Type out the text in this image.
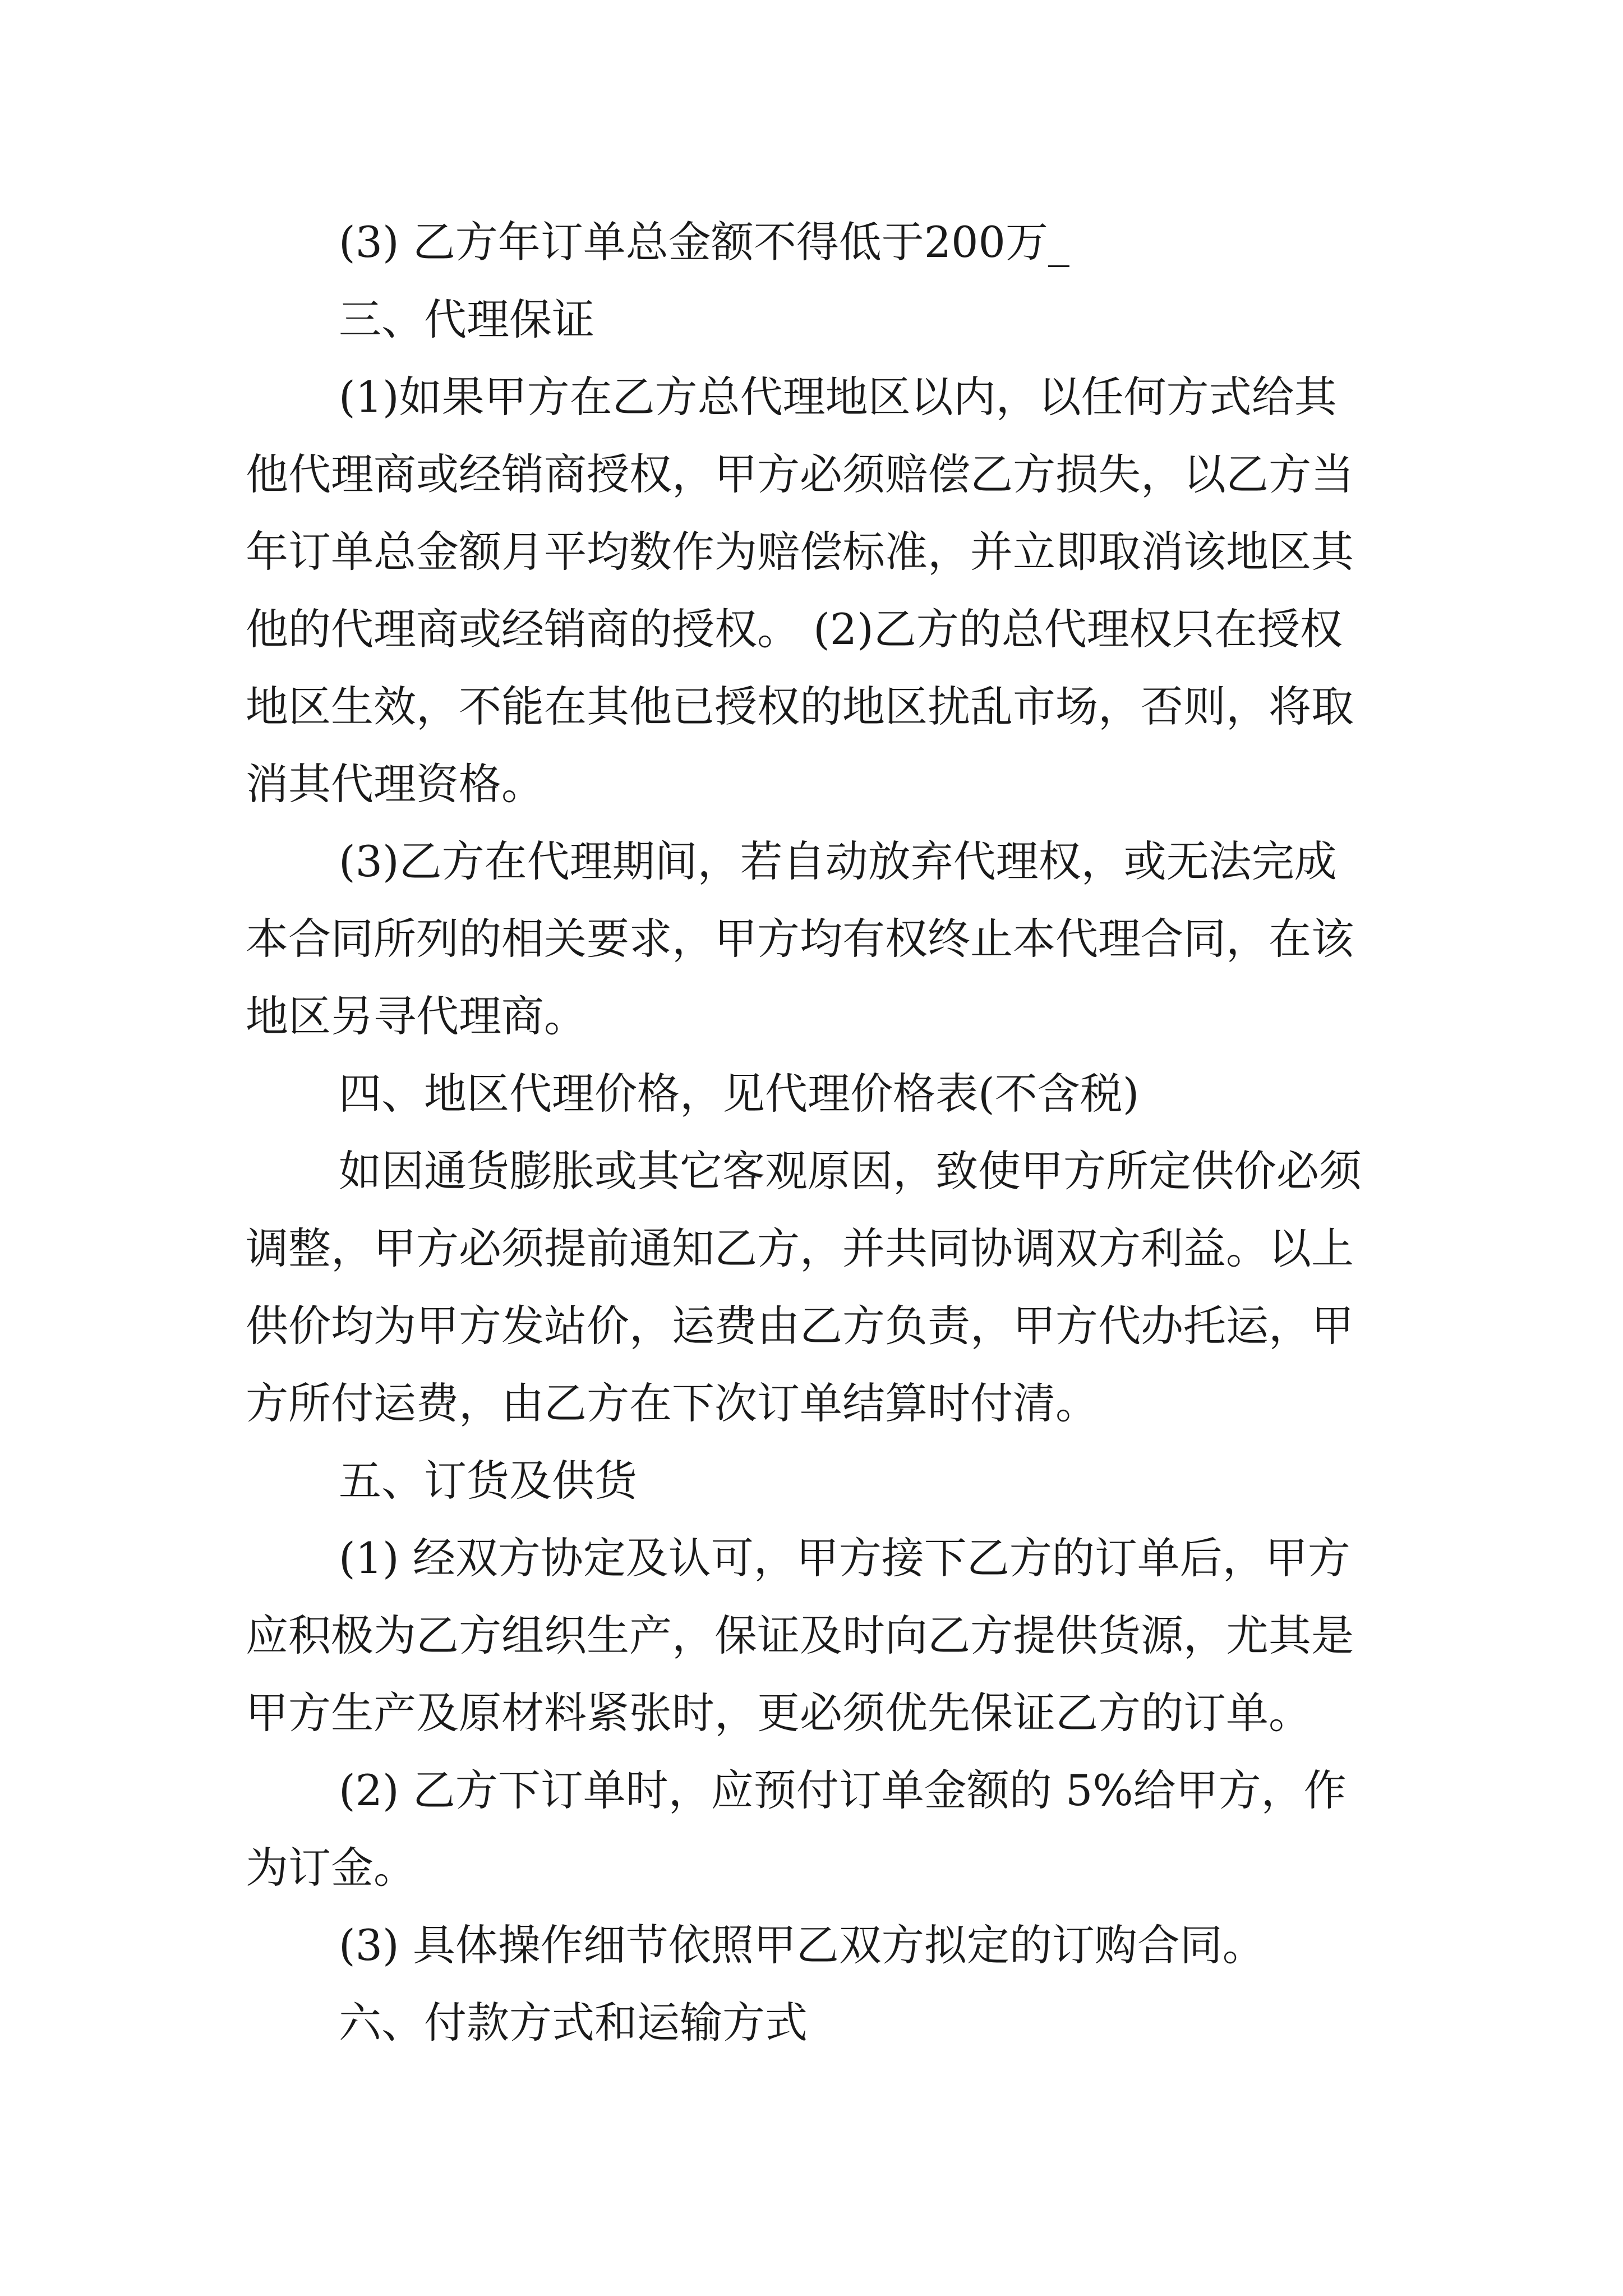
(3) 乙方年订单总金额不得低于200万_
三、代理保证
(1)如果甲方在乙方总代理地区以内，以任何方式给其
他代理商或经销商授权，甲方必须赔偿乙方损失，以乙方当
年订单总金额月平均数作为赔偿标准，并立即取消该地区其
他的代理商或经销商的授权。 (2)乙方的总代理权只在授权
地区生效，不能在其他已授权的地区扰乱市场，否则，将取
消其代理资格。
(3)乙方在代理期间，若自动放弃代理权，或无法完成
本合同所列的相关要求，甲方均有权终止本代理合同，在该
地区另寻代理商。
四、地区代理价格，见代理价格表(不含税)
如因通货膨胀或其它客观原因，致使甲方所定供价必须
调整，甲方必须提前通知乙方，并共同协调双方利益。以上
供价均为甲方发站价，运费由乙方负责，甲方代办托运，甲
方所付运费，由乙方在下次订单结算时付清。
五、订货及供货
(1) 经双方协定及认可，甲方接下乙方的订单后，甲方
应积极为乙方组织生产，保证及时向乙方提供货源，尤其是
甲方生产及原材料紧张时，更必须优先保证乙方的订单。
(2) 乙方下订单时，应预付订单金额的 5%给甲方，作
为订金。
(3) 具体操作细节依照甲乙双方拟定的订购合同。
六、付款方式和运输方式
